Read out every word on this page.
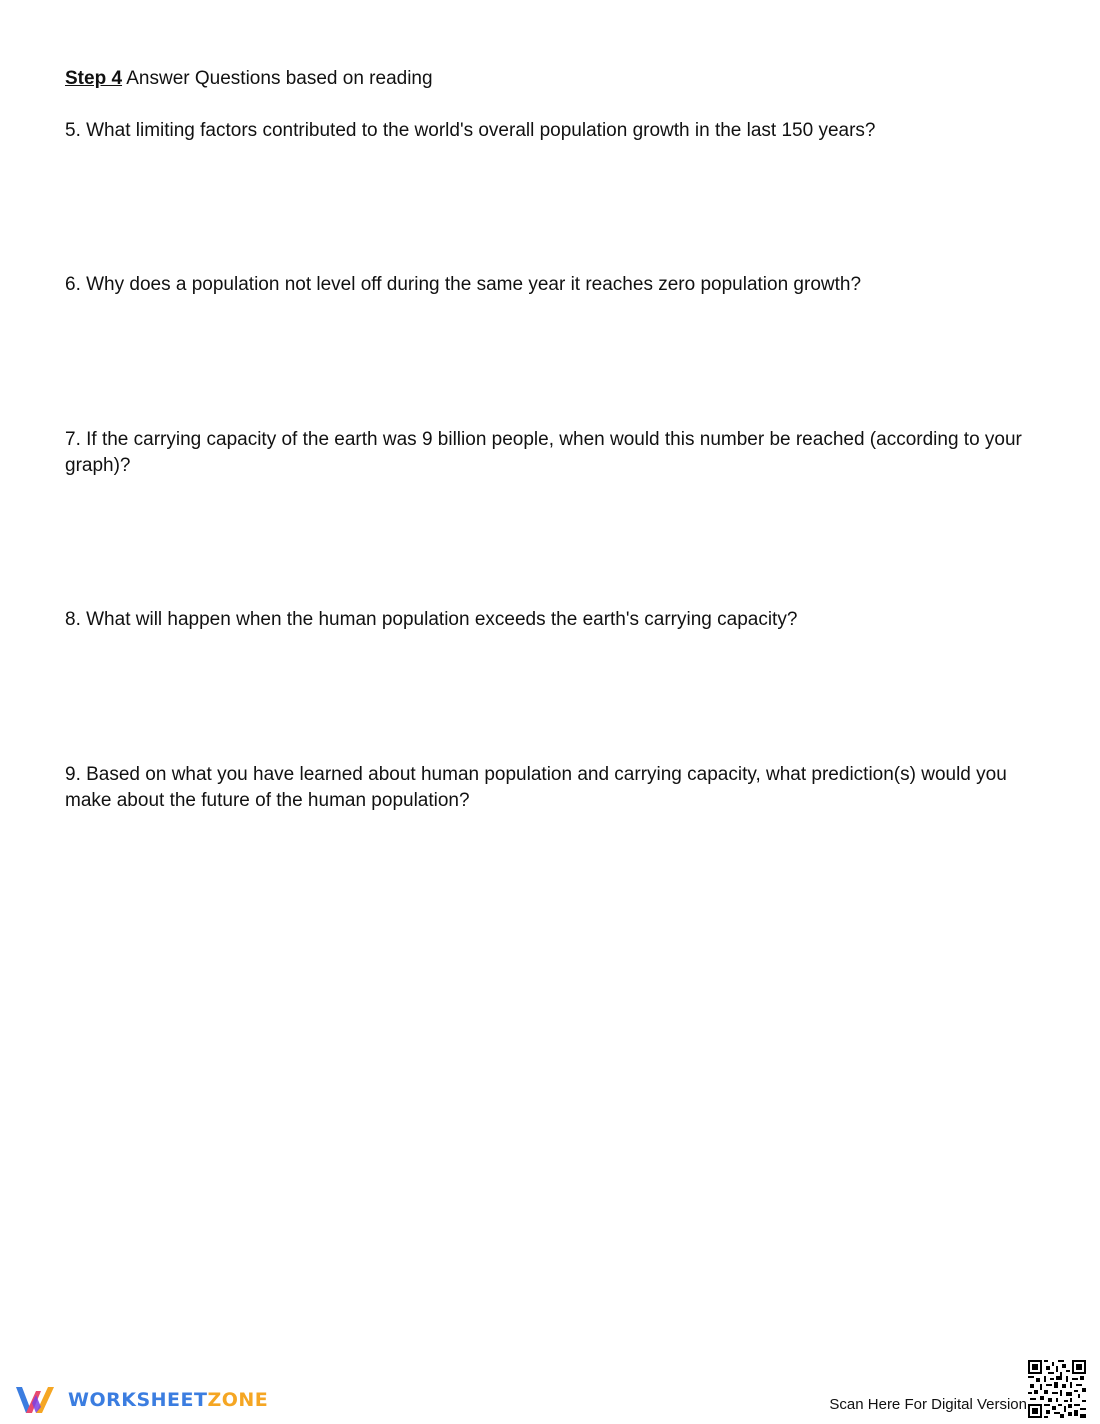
Step 4 Answer Questions based on reading
5. What limiting factors contributed to the world's overall population growth in the last 150 years?
6. Why does a population not level off during the same year it reaches zero population growth?
7. If the carrying capacity of the earth was 9 billion people, when would this number be reached (according to your graph)?
8. What will happen when the human population exceeds the earth's carrying capacity?
9. Based on what you have learned about human population and carrying capacity, what prediction(s) would you make about the future of the human population?
WORKSHEETZONE	Scan Here For Digital Version
